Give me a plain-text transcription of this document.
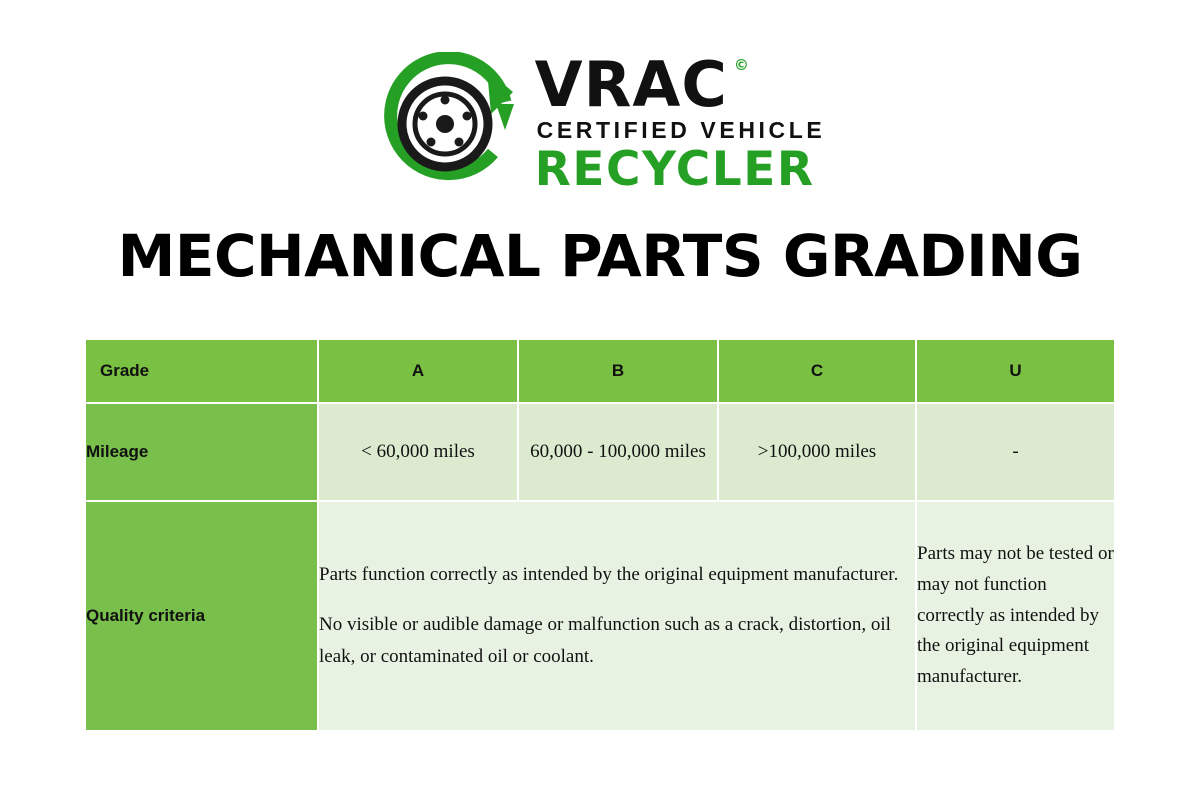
VRAC ©
CERTIFIED VEHICLE
RECYCLER
MECHANICAL PARTS GRADING
Grade	A	B	C	U
Mileage	< 60,000 miles	60,000 - 100,000 miles	>100,000 miles	-
Quality criteria	Parts function correctly as intended by the original equipment manufacturer.

No visible or audible damage or malfunction such as a crack, distortion, oil leak, or contaminated oil or coolant.			Parts may not be tested or may not function correctly as intended by the original equipment manufacturer.
